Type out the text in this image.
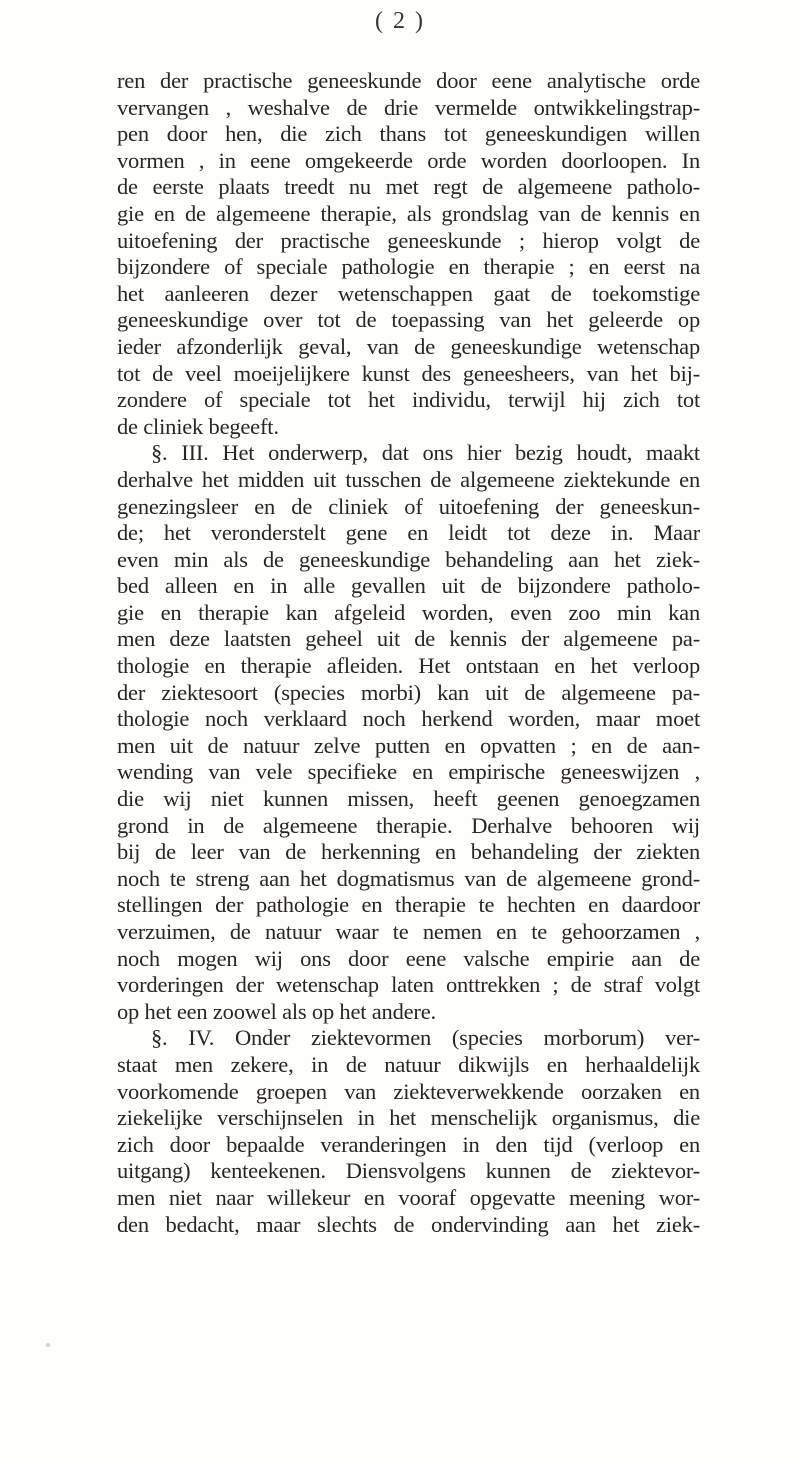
( 2 )
ren der practische geneeskunde door eene analytische orde
vervangen , weshalve de drie vermelde ontwikkelingstrap-
pen door hen, die zich thans tot geneeskundigen willen
vormen , in eene omgekeerde orde worden doorloopen. In
de eerste plaats treedt nu met regt de algemeene patholo-
gie en de algemeene therapie, als grondslag van de kennis en
uitoefening der practische geneeskunde ; hierop volgt de
bijzondere of speciale pathologie en therapie ; en eerst na
het aanleeren dezer wetenschappen gaat de toekomstige
geneeskundige over tot de toepassing van het geleerde op
ieder afzonderlijk geval, van de geneeskundige wetenschap
tot de veel moeijelijkere kunst des geneesheers, van het bij-
zondere of speciale tot het individu, terwijl hij zich tot
de cliniek begeeft.
§. III. Het onderwerp, dat ons hier bezig houdt, maakt
derhalve het midden uit tusschen de algemeene ziektekunde en
genezingsleer en de cliniek of uitoefening der geneeskun-
de; het veronderstelt gene en leidt tot deze in. Maar
even min als de geneeskundige behandeling aan het ziek-
bed alleen en in alle gevallen uit de bijzondere patholo-
gie en therapie kan afgeleid worden, even zoo min kan
men deze laatsten geheel uit de kennis der algemeene pa-
thologie en therapie afleiden. Het ontstaan en het verloop
der ziektesoort (species morbi) kan uit de algemeene pa-
thologie noch verklaard noch herkend worden, maar moet
men uit de natuur zelve putten en opvatten ; en de aan-
wending van vele specifieke en empirische geneeswijzen ,
die wij niet kunnen missen, heeft geenen genoegzamen
grond in de algemeene therapie. Derhalve behooren wij
bij de leer van de herkenning en behandeling der ziekten
noch te streng aan het dogmatismus van de algemeene grond-
stellingen der pathologie en therapie te hechten en daardoor
verzuimen, de natuur waar te nemen en te gehoorzamen ,
noch mogen wij ons door eene valsche empirie aan de
vorderingen der wetenschap laten onttrekken ; de straf volgt
op het een zoowel als op het andere.
§. IV. Onder ziektevormen (species morborum) ver-
staat men zekere, in de natuur dikwijls en herhaaldelijk
voorkomende groepen van ziekteverwekkende oorzaken en
ziekelijke verschijnselen in het menschelijk organismus, die
zich door bepaalde veranderingen in den tijd (verloop en
uitgang) kenteekenen. Diensvolgens kunnen de ziektevor-
men niet naar willekeur en vooraf opgevatte meening wor-
den bedacht, maar slechts de ondervinding aan het ziek-
